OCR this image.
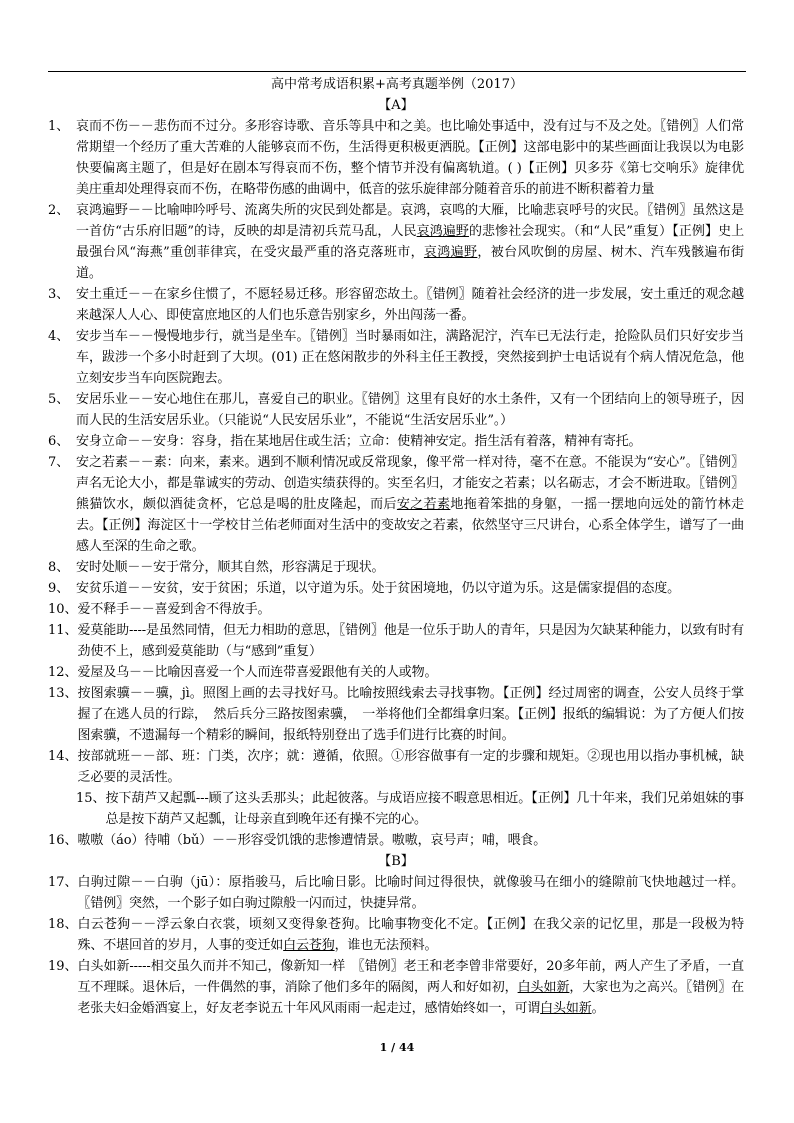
高中常考成语积累+高考真题举例（2017）
【A】
1、 哀而不伤－－悲伤而不过分。多形容诗歌、音乐等具中和之美。也比喻处事适中，没有过与不及之处。〖错例〗人们常常期望一个经历了重大苦难的人能够哀而不伤，生活得更积极更洒脱。【正例】这部电影中的某些画面让我误以为电影快要偏离主题了，但是好在剧本写得哀而不伤，整个情节并没有偏离轨道。( )【正例】贝多芬《第七交响乐》旋律优美庄重却处理得哀而不伤，在略带伤感的曲调中，低音的弦乐旋律部分随着音乐的前进不断积蓄着力量
2、 哀鸿遍野－－比喻呻吟呼号、流离失所的灾民到处都是。哀鸿，哀鸣的大雁，比喻悲哀呼号的灾民。〖错例〗虽然这是一首仿“古乐府旧题”的诗，反映的却是清初兵荒马乱，人民哀鸿遍野的悲惨社会现实。（和“人民”重复）【正例】史上最强台风“海燕”重创菲律宾，在受灾最严重的洛克落班市，哀鸿遍野，被台风吹倒的房屋、树木、汽车残骸遍布街道。
3、 安土重迁－－在家乡住惯了，不愿轻易迁移。形容留恋故土。〖错例〗随着社会经济的进一步发展，安土重迁的观念越来越深人人心、即使富庶地区的人们也乐意告别家乡，外出闯荡一番。
4、 安步当车－－慢慢地步行，就当是坐车。〖错例〗当时暴雨如注，满路泥泞，汽车已无法行走，抢险队员们只好安步当车，跋涉一个多小时赶到了大坝。(01) 正在悠闲散步的外科主任王教授，突然接到护士电话说有个病人情况危急，他立刻安步当车向医院跑去。
5、 安居乐业－－安心地住在那儿，喜爱自己的职业。〖错例〗这里有良好的水土条件，又有一个团结向上的领导班子，因而人民的生活安居乐业。（只能说“人民安居乐业”，不能说“生活安居乐业”。）
6、 安身立命－－安身：容身，指在某地居住或生活；立命：使精神安定。指生活有着落，精神有寄托。
7、 安之若素－－素：向来，素来。遇到不顺利情况或反常现象，像平常一样对待，毫不在意。不能误为“安心”。〖错例〗声名无论大小，都是靠诚实的劳动、创造实绩获得的。实至名归，才能安之若素；以名砺志，才会不断进取。〖错例〗熊猫饮水，颇似酒徒贪杯，它总是喝的肚皮隆起，而后安之若素地拖着笨拙的身躯，一摇一摆地向远处的箭竹林走去。【正例】海淀区十一学校甘兰佑老师面对生活中的变故安之若素，依然坚守三尺讲台，心系全体学生，谱写了一曲感人至深的生命之歌。
8、 安时处顺－－安于常分，顺其自然，形容满足于现状。
9、 安贫乐道－－安贫，安于贫困；乐道，以守道为乐。处于贫困境地，仍以守道为乐。这是儒家提倡的态度。
10、 爱不释手－－喜爱到舍不得放手。
11、 爱莫能助----是虽然同情，但无力相助的意思，〖错例〗他是一位乐于助人的青年，只是因为欠缺某种能力，以致有时有劲使不上，感到爱莫能助（与“感到”重复）
12、 爱屋及乌－－比喻因喜爱一个人而连带喜爱跟他有关的人或物。
13、 按图索骥－－骥，jì。照图上画的去寻找好马。比喻按照线索去寻找事物。【正例】经过周密的调查，公安人员终于掌握了在逃人员的行踪，　然后兵分三路按图索骥，　一举将他们全都缉拿归案。【正例】报纸的编辑说：为了方便人们按图索骥，不遗漏每一个精彩的瞬间，报纸特别登出了选手们进行比赛的时间。
14、 按部就班－－部、班：门类，次序；就：遵循，依照。①形容做事有一定的步骤和规矩。②现也用以指办事机械，缺乏必要的灵活性。
15、 按下葫芦又起瓢---顾了这头丢那头；此起彼落。与成语应接不暇意思相近。【正例】几十年来，我们兄弟姐妹的事总是按下葫芦又起瓢，让母亲直到晚年还有操不完的心。
16、 嗷嗷（áo）待哺（bǔ）－－形容受饥饿的悲惨遭情景。嗷嗷，哀号声；哺，喂食。
【B】
17、 白驹过隙－－白驹（jū）：原指骏马，后比喻日影。比喻时间过得很快，就像骏马在细小的缝隙前飞快地越过一样。〖错例〗突然，一个影子如白驹过隙般一闪而过，快捷异常。
18、 白云苍狗－－浮云象白衣裳，顷刻又变得象苍狗。比喻事物变化不定。【正例】在我父亲的记忆里，那是一段极为特殊、不堪回首的岁月，人事的变迁如白云苍狗，谁也无法预料。
19、 白头如新-----相交虽久而并不知己，像新知一样　〖错例〗老王和老李曾非常要好，20多年前，两人产生了矛盾，一直互不理睬。退休后，一件偶然的事，消除了他们多年的隔阂，两人和好如初，白头如新，大家也为之高兴。〖错例〗在老张夫妇金婚酒宴上，好友老李说五十年风风雨雨一起走过，感情始终如一，可谓白头如新。
1 / 44
